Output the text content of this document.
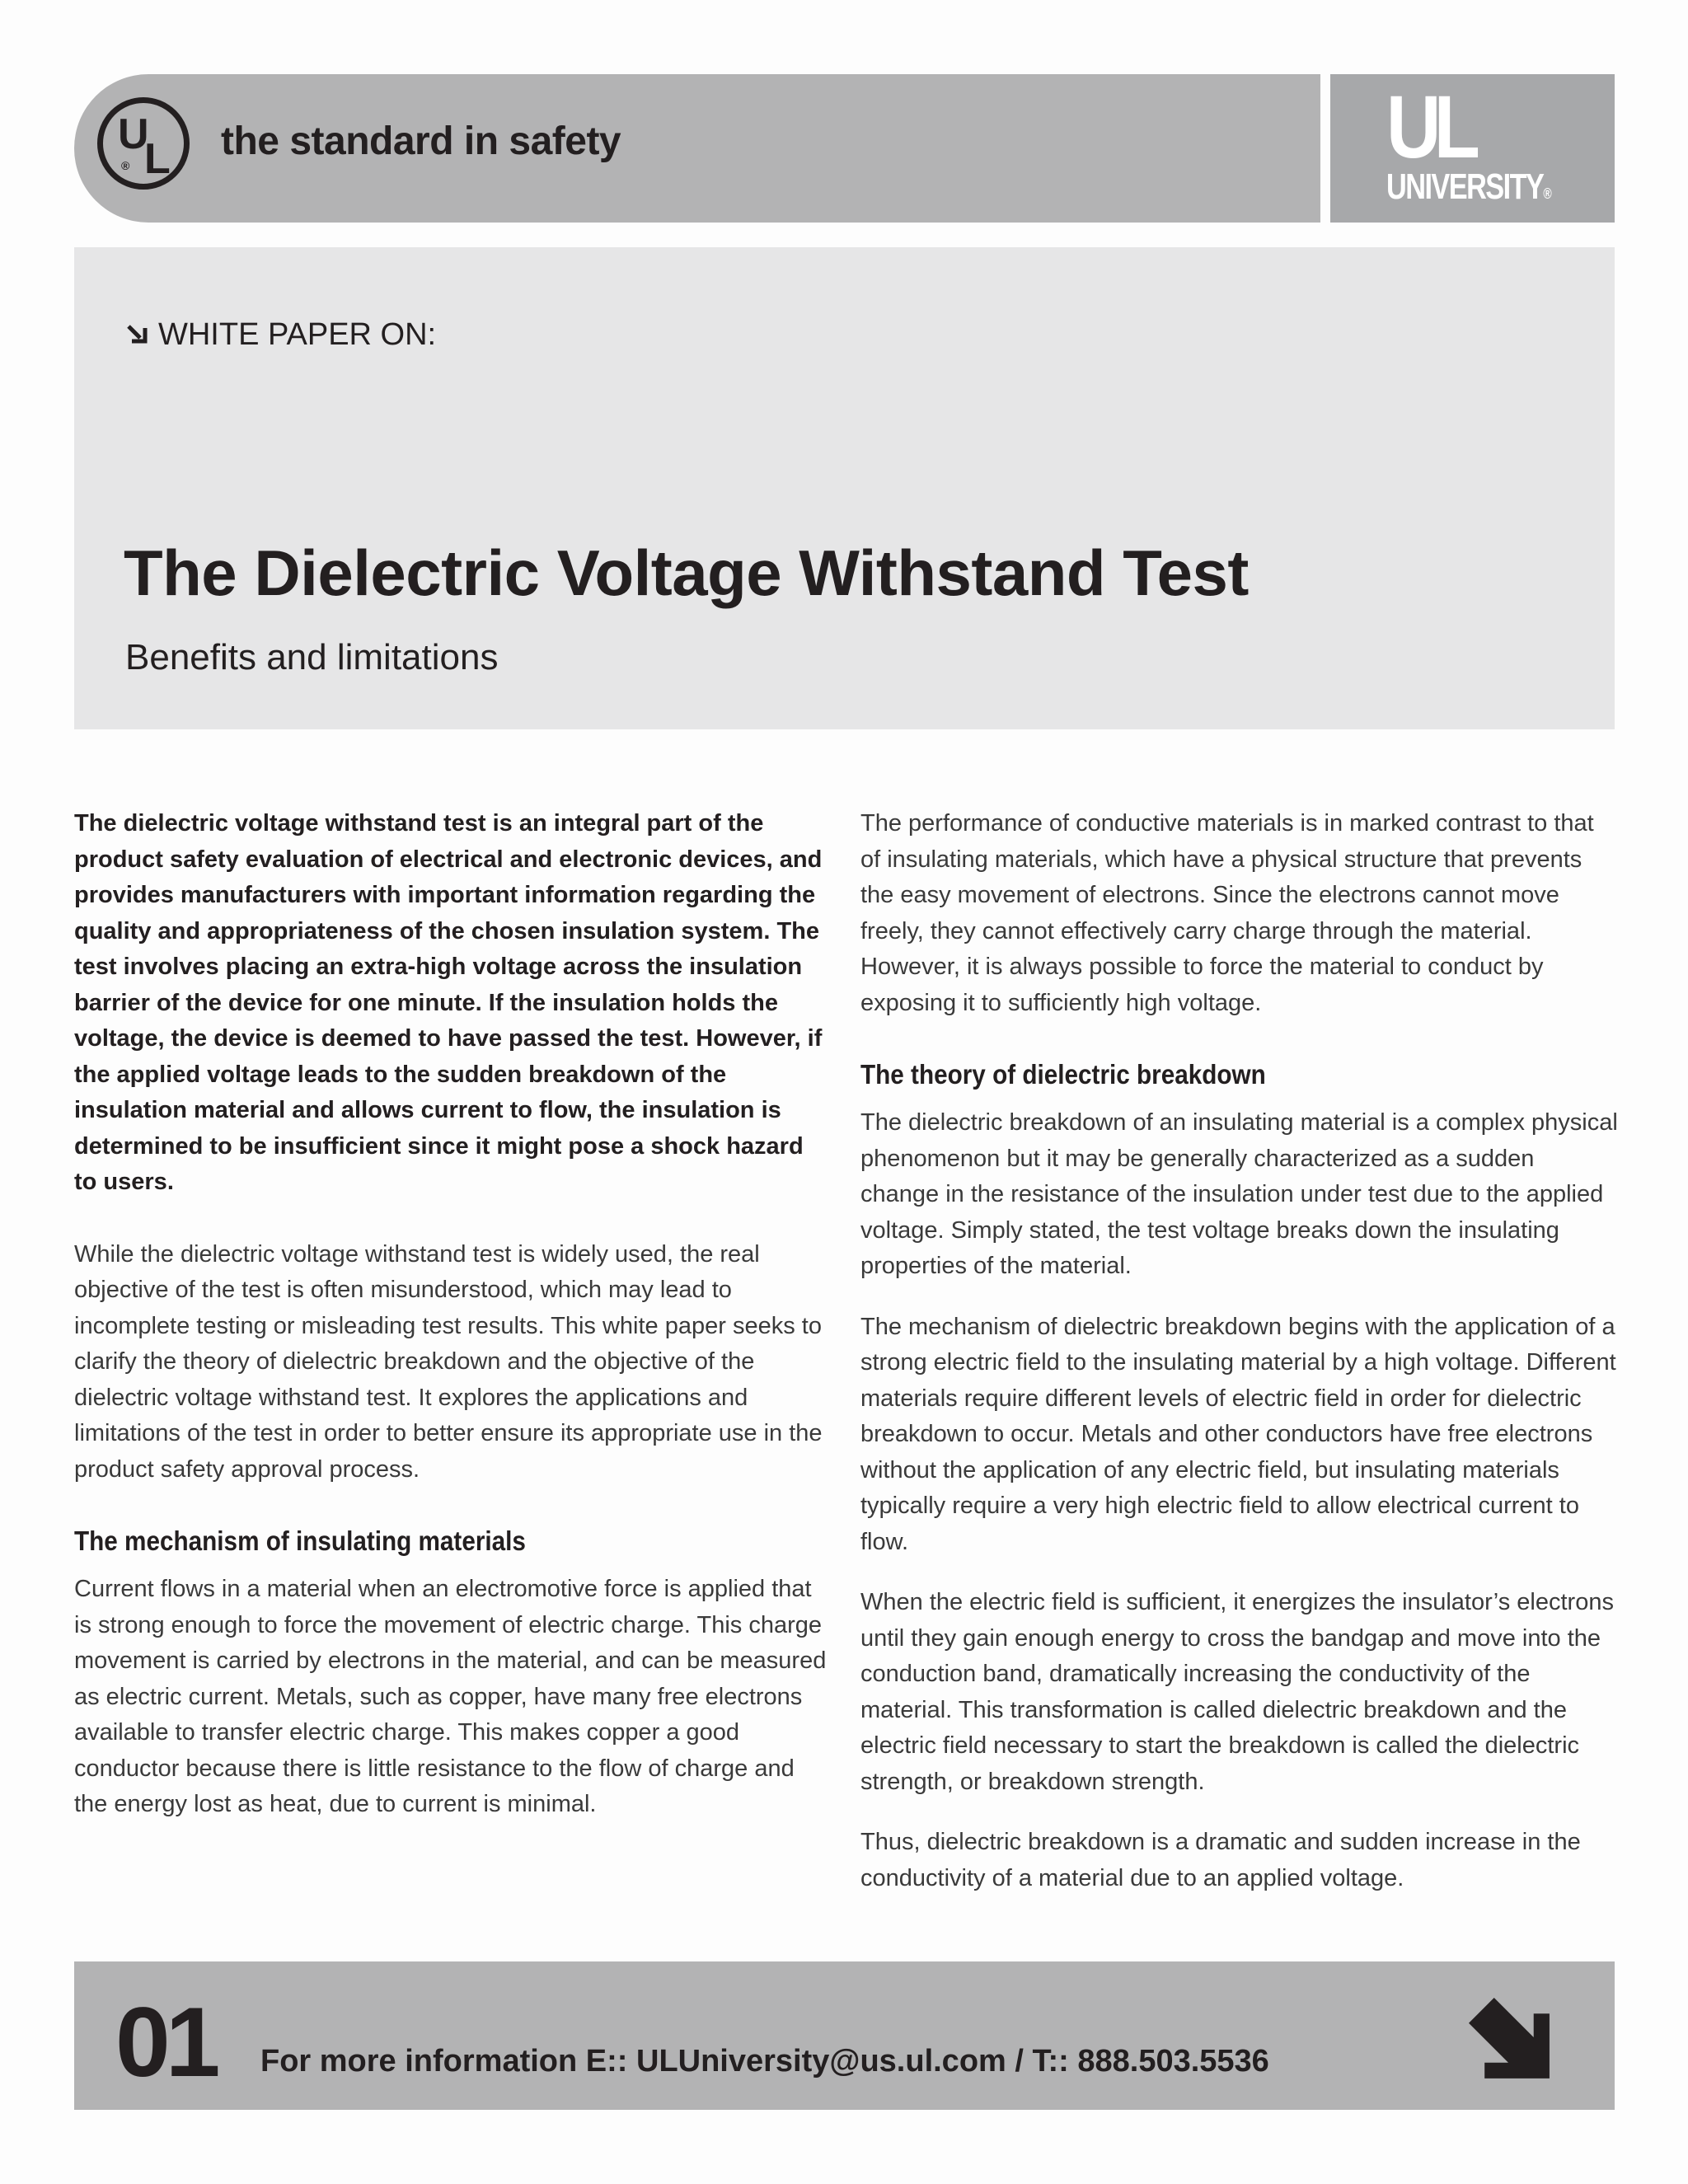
U
L
®
the standard in safety	UL
UNIVERSITY®
WHITE PAPER ON:
The Dielectric Voltage Withstand Test

Benefits and limitations

The dielectric voltage withstand test is an integral part of the product safety evaluation of electrical and electronic devices, and provides manufacturers with important information regarding the quality and appropriateness of the chosen insulation system. The test involves placing an extra-high voltage across the insulation barrier of the device for one minute. If the insulation holds the voltage, the device is deemed to have passed the test. However, if the applied voltage leads to the sudden breakdown of the insulation material and allows current to flow, the insulation is determined to be insufficient since it might pose a shock hazard to users.

While the dielectric voltage withstand test is widely used, the real objective of the test is often misunderstood, which may lead to incomplete testing or misleading test results. This white paper seeks to clarify the theory of dielectric breakdown and the objective of the dielectric voltage withstand test. It explores the applications and limitations of the test in order to better ensure its appropriate use in the product safety approval process.

The mechanism of insulating materials

Current flows in a material when an electromotive force is applied that is strong enough to force the movement of electric charge. This charge movement is carried by electrons in the material, and can be measured as electric current. Metals, such as copper, have many free electrons available to transfer electric charge. This makes copper a good conductor because there is little resistance to the flow of charge and the energy lost as heat, due to current is minimal.

The performance of conductive materials is in marked contrast to that of insulating materials, which have a physical structure that prevents the easy movement of electrons. Since the electrons cannot move freely, they cannot effectively carry charge through the material. However, it is always possible to force the material to conduct by exposing it to sufficiently high voltage.

The theory of dielectric breakdown

The dielectric breakdown of an insulating material is a complex physical phenomenon but it may be generally characterized as a sudden change in the resistance of the insulation under test due to the applied voltage. Simply stated, the test voltage breaks down the insulating properties of the material.

The mechanism of dielectric breakdown begins with the application of a strong electric field to the insulating material by a high voltage. Different materials require different levels of electric field in order for dielectric breakdown to occur. Metals and other conductors have free electrons without the application of any electric field, but insulating materials typically require a very high electric field to allow electrical current to flow.

When the electric field is sufficient, it energizes the insulator’s electrons until they gain enough energy to cross the bandgap and move into the conduction band, dramatically increasing the conductivity of the material. This transformation is called dielectric breakdown and the electric field necessary to start the breakdown is called the dielectric strength, or breakdown strength.

Thus, dielectric breakdown is a dramatic and sudden increase in the conductivity of a material due to an applied voltage.

01 For more information E:: ULUniversity@us.ul.com / T:: 888.503.5536
